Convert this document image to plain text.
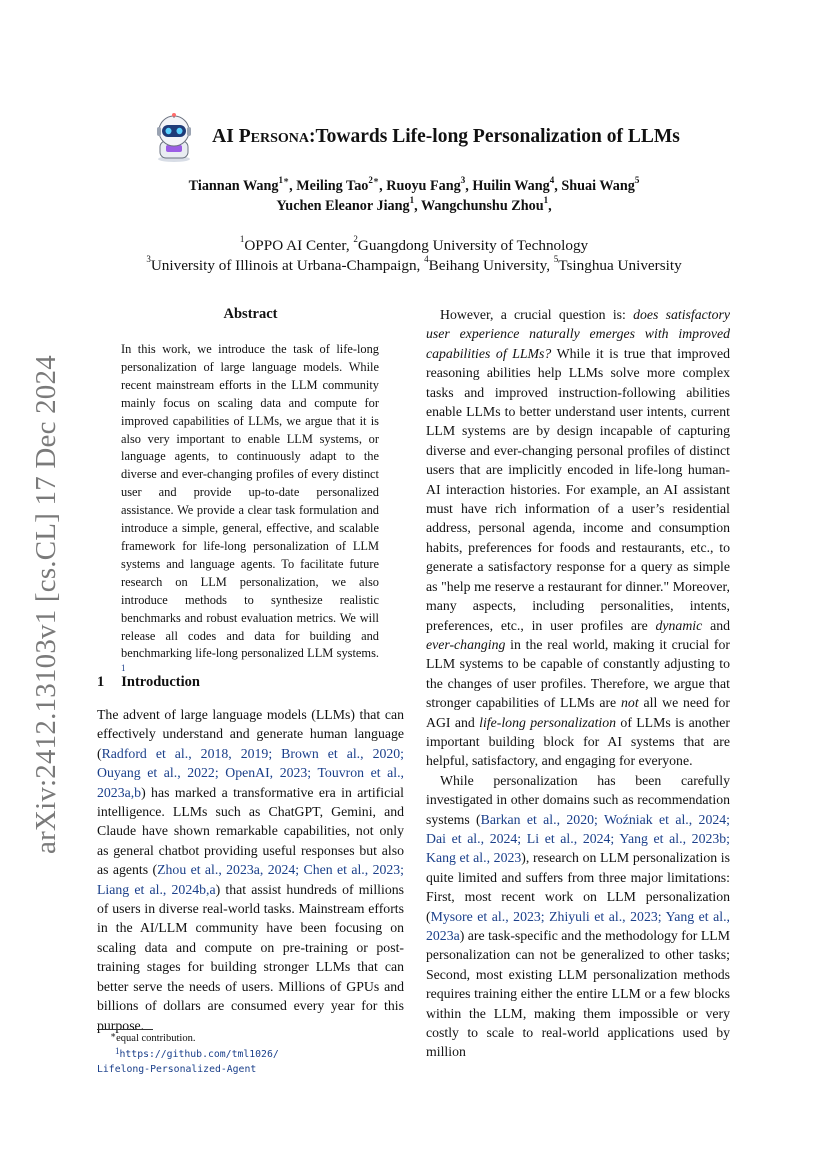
arXiv:2412.13103v1 [cs.CL] 17 Dec 2024
AI Persona:Towards Life-long Personalization of LLMs
Tiannan Wang$^{1∗}$, Meiling Tao$^{2∗}$, Ruoyu Fang$^3$, Huilin Wang$^4$, Shuai Wang$^5$
Yuchen Eleanor Jiang$^1$, Wangchunshu Zhou$^1$,
$^1$OPPO AI Center, $^2$Guangdong University of Technology
$^3$University of Illinois at Urbana-Champaign, $^4$Beihang University, $^5$Tsinghua University
Abstract
In this work, we introduce the task of life-long personalization of large language models. While recent mainstream efforts in the LLM community mainly focus on scaling data and compute for improved capabilities of LLMs, we argue that it is also very important to enable LLM systems, or language agents, to continuously adapt to the diverse and ever-changing profiles of every distinct user and provide up-to-date personalized assistance. We provide a clear task formulation and introduce a simple, general, effective, and scalable framework for life-long personalization of LLM systems and language agents. To facilitate future research on LLM personalization, we also introduce methods to synthesize realistic benchmarks and robust evaluation metrics. We will release all codes and data for building and benchmarking life-long personalized LLM systems. $^1$
1 Introduction

The advent of large language models (LLMs) that can effectively understand and generate human language (Radford et al., 2018, 2019; Brown et al., 2020; Ouyang et al., 2022; OpenAI, 2023; Touvron et al., 2023a,b) has marked a transformative era in artificial intelligence. LLMs such as ChatGPT, Gemini, and Claude have shown remarkable capabilities, not only as general chatbot providing useful responses but also as agents (Zhou et al., 2023a, 2024; Chen et al., 2023; Liang et al., 2024b,a) that assist hundreds of millions of users in diverse real-world tasks. Mainstream efforts in the AI/LLM community have been focusing on scaling data and compute on pre-training or post-training stages for building stronger LLMs that can better serve the needs of users. Millions of GPUs and billions of dollars are consumed every year for this purpose.

However, a crucial question is: does satisfactory user experience naturally emerges with improved capabilities of LLMs? While it is true that improved reasoning abilities help LLMs solve more complex tasks and improved instruction-following abilities enable LLMs to better understand user intents, current LLM systems are by design incapable of capturing diverse and ever-changing personal profiles of distinct users that are implicitly encoded in life-long human-AI interaction histories. For example, an AI assistant must have rich information of a user’s residential address, personal agenda, income and consumption habits, preferences for foods and restaurants, etc., to generate a satisfactory response for a query as simple as "help me reserve a restaurant for dinner." Moreover, many aspects, including personalities, intents, preferences, etc., in user profiles are dynamic and ever-changing in the real world, making it crucial for LLM systems to be capable of constantly adjusting to the changes of user profiles. Therefore, we argue that stronger capabilities of LLMs are not all we need for AGI and life-long personalization of LLMs is another important building block for AI systems that are helpful, satisfactory, and engaging for everyone.

While personalization has been carefully investigated in other domains such as recommendation systems (Barkan et al., 2020; Woźniak et al., 2024; Dai et al., 2024; Li et al., 2024; Yang et al., 2023b; Kang et al., 2023), research on LLM personalization is quite limited and suffers from three major limitations: First, most recent work on LLM personalization (Mysore et al., 2023; Zhiyuli et al., 2023; Yang et al., 2023a) are task-specific and the methodology for LLM personalization can not be generalized to other tasks; Second, most existing LLM personalization methods requires training either the entire LLM or a few blocks within the LLM, making them impossible or very costly to scale to real-world applications used by million

∗equal contribution.
$^1$https://github.com/tml1026/
Lifelong-Personalized-Agent
